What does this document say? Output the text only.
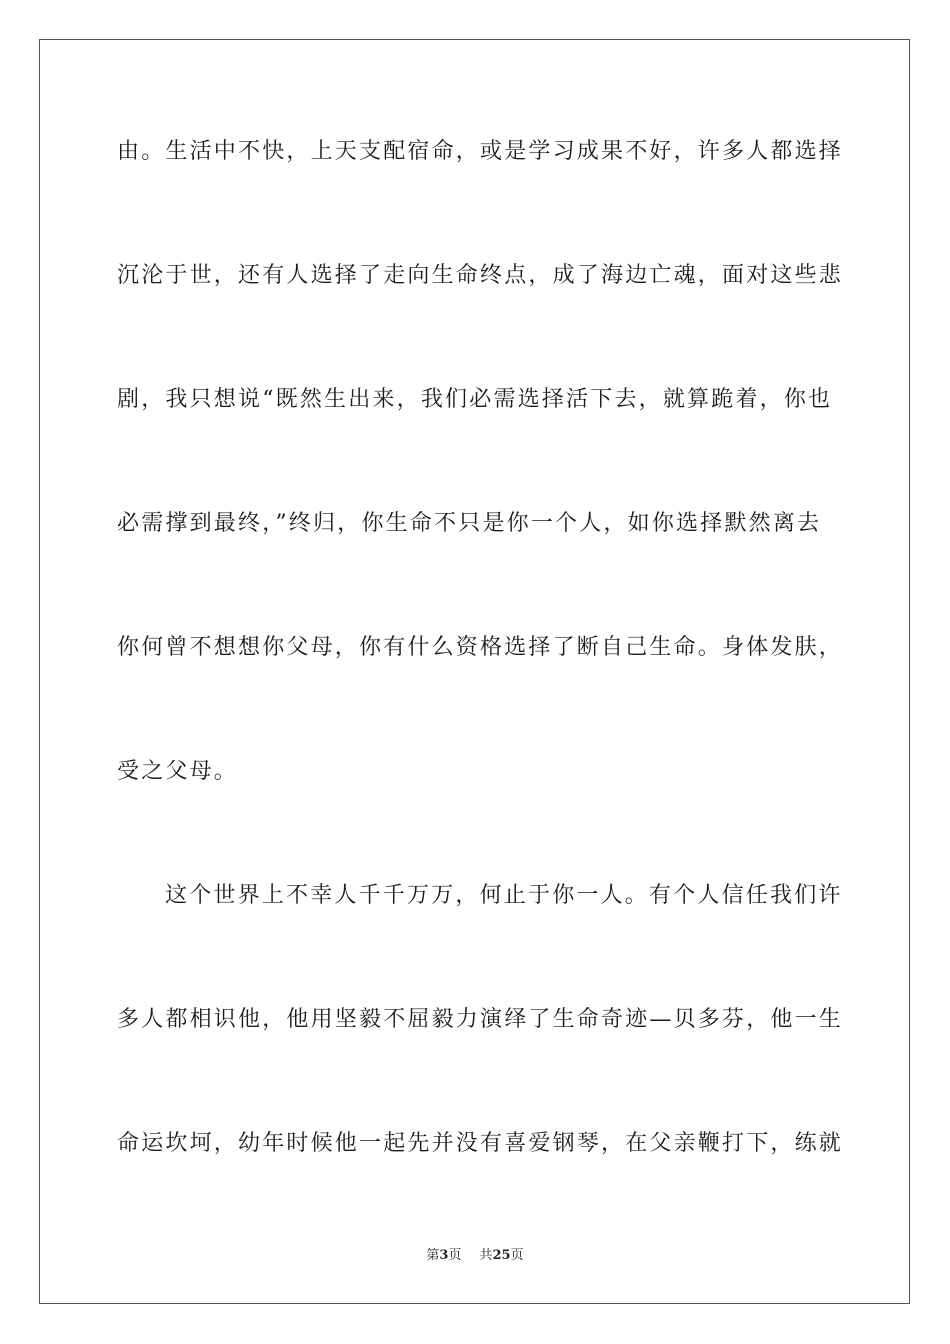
由。生活中不快，上天支配宿命，或是学习成果不好，许多人都选择
沉沦于世，还有人选择了走向生命终点，成了海边亡魂，面对这些悲
剧，我只想说“既然生出来，我们必需选择活下去，就算跪着，你也
必需撑到最终，”终归，你生命不只是你一个人，如你选择默然离去
你何曾不想想你父母，你有什么资格选择了断自己生命。身体发肤，
受之父母。
这个世界上不幸人千千万万，何止于你一人。有个人信任我们许
多人都相识他，他用坚毅不屈毅力演绎了生命奇迹—贝多芬，他一生
命运坎坷，幼年时候他一起先并没有喜爱钢琴，在父亲鞭打下，练就
第3页 共25页
